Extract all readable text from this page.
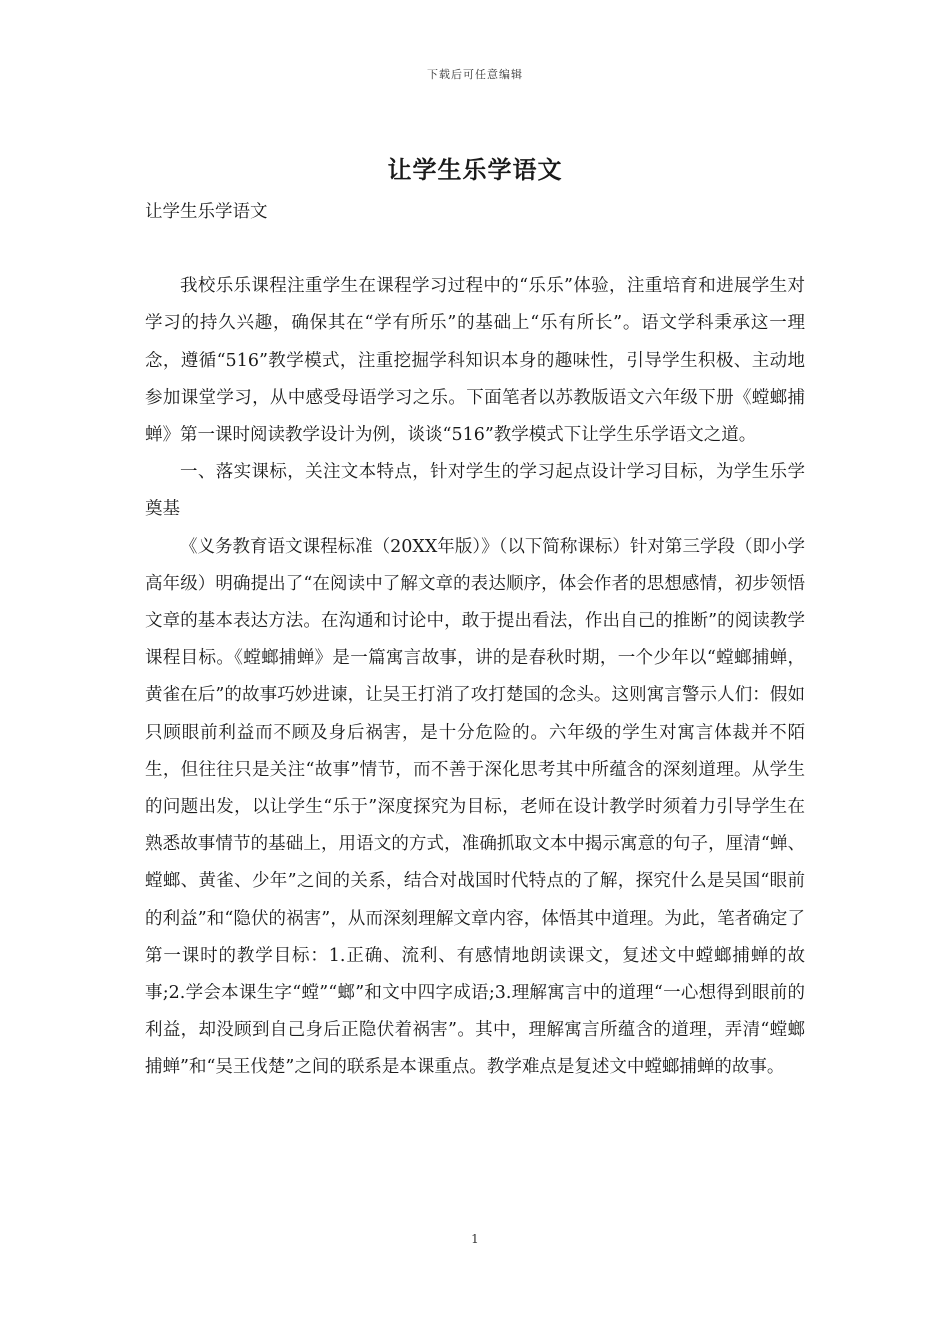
下载后可任意编辑
让学生乐学语文

让学生乐学语文

我校乐乐课程注重学生在课程学习过程中的“乐乐”体验，注重培育和进展学生对学习的持久兴趣，确保其在“学有所乐”的基础上“乐有所长”。语文学科秉承这一理念，遵循“516”教学模式，注重挖掘学科知识本身的趣味性，引导学生积极、主动地参加课堂学习，从中感受母语学习之乐。下面笔者以苏教版语文六年级下册《螳螂捕蝉》第一课时阅读教学设计为例，谈谈“516”教学模式下让学生乐学语文之道。

一、落实课标，关注文本特点，针对学生的学习起点设计学习目标，为学生乐学奠基

《义务教育语文课程标准（20XX年版）》（以下简称课标）针对第三学段（即小学高年级）明确提出了“在阅读中了解文章的表达顺序，体会作者的思想感情，初步领悟文章的基本表达方法。在沟通和讨论中，敢于提出看法，作出自己的推断”的阅读教学课程目标。《螳螂捕蝉》是一篇寓言故事，讲的是春秋时期，一个少年以“螳螂捕蝉，黄雀在后”的故事巧妙进谏，让吴王打消了攻打楚国的念头。这则寓言警示人们：假如只顾眼前利益而不顾及身后祸害，是十分危险的。六年级的学生对寓言体裁并不陌生，但往往只是关注“故事”情节，而不善于深化思考其中所蕴含的深刻道理。从学生的问题出发，以让学生“乐于”深度探究为目标，老师在设计教学时须着力引导学生在熟悉故事情节的基础上，用语文的方式，准确抓取文本中揭示寓意的句子，厘清“蝉、螳螂、黄雀、少年”之间的关系，结合对战国时代特点的了解，探究什么是吴国“眼前的利益”和“隐伏的祸害”，从而深刻理解文章内容，体悟其中道理。为此，笔者确定了第一课时的教学目标：1.正确、流利、有感情地朗读课文，复述文中螳螂捕蝉的故事;2.学会本课生字“螳”“螂”和文中四字成语;3.理解寓言中的道理“一心想得到眼前的利益，却没顾到自己身后正隐伏着祸害”。其中，理解寓言所蕴含的道理，弄清“螳螂捕蝉”和“吴王伐楚”之间的联系是本课重点。教学难点是复述文中螳螂捕蝉的故事。

1
